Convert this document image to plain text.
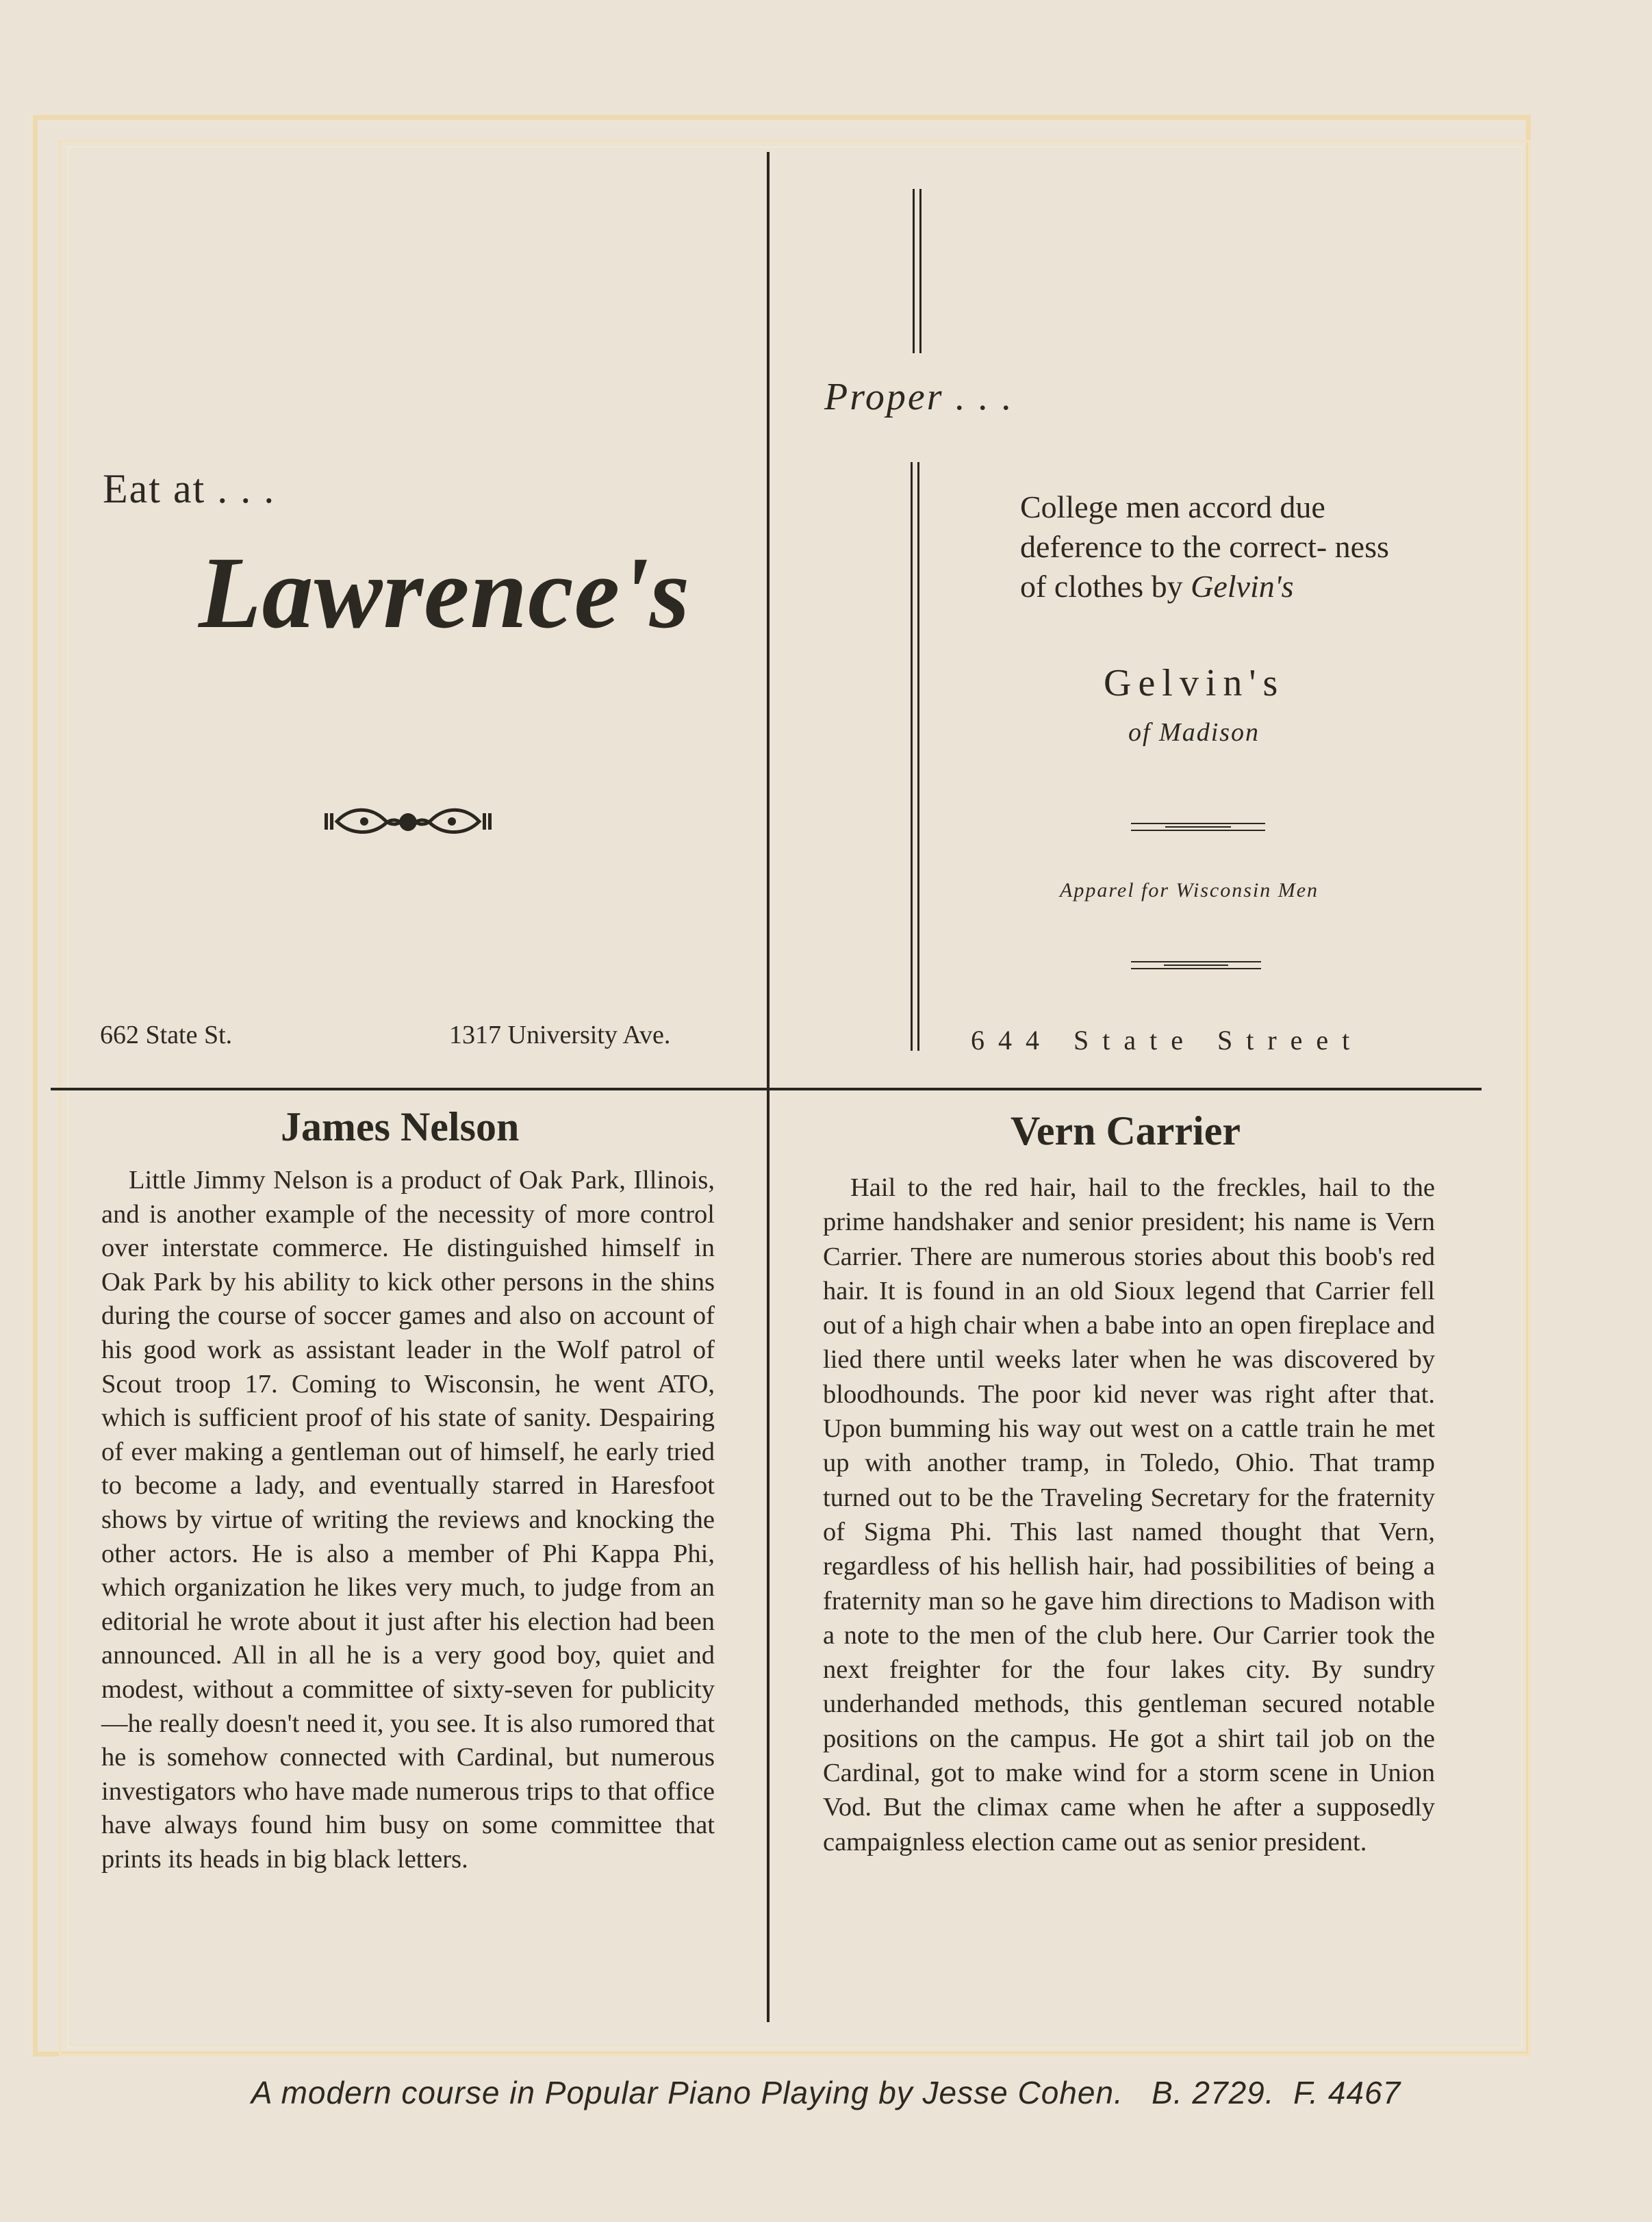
Eat at . . .
Lawrence's
662 State St.	1317 University Ave.
Proper . . .
College men accord due deference to the correct- ness of clothes by Gelvin's
Gelvin's
of Madison
Apparel for Wisconsin Men
644 State Street
James Nelson

Little Jimmy Nelson is a product of Oak Park, Illinois, and is another example of the necessity of more control over interstate commerce. He distinguished himself in Oak Park by his ability to kick other persons in the shins during the course of soccer games and also on account of his good work as assistant leader in the Wolf patrol of Scout troop 17. Coming to Wisconsin, he went ATO, which is sufficient proof of his state of sanity. Despairing of ever making a gentleman out of himself, he early tried to become a lady, and eventually starred in Haresfoot shows by virtue of writing the reviews and knocking the other actors. He is also a member of Phi Kappa Phi, which organization he likes very much, to judge from an editorial he wrote about it just after his election had been announced. All in all he is a very good boy, quiet and modest, without a committee of sixty-seven for publicity—he really doesn't need it, you see. It is also rumored that he is somehow connected with Cardinal, but numerous investigators who have made numerous trips to that office have always found him busy on some committee that prints its heads in big black letters.

Vern Carrier

Hail to the red hair, hail to the freckles, hail to the prime handshaker and senior president; his name is Vern Carrier. There are numerous stories about this boob's red hair. It is found in an old Sioux legend that Carrier fell out of a high chair when a babe into an open fireplace and lied there until weeks later when he was discovered by bloodhounds. The poor kid never was right after that. Upon bumming his way out west on a cattle train he met up with another tramp, in Toledo, Ohio. That tramp turned out to be the Traveling Secretary for the fraternity of Sigma Phi. This last named thought that Vern, regardless of his hellish hair, had possibilities of being a fraternity man so he gave him directions to Madison with a note to the men of the club here. Our Carrier took the next freighter for the four lakes city. By sundry underhanded methods, this gentleman secured notable positions on the campus. He got a shirt tail job on the Cardinal, got to make wind for a storm scene in Union Vod. But the climax came when he after a supposedly campaignless election came out as senior president.

A modern course in Popular Piano Playing by Jesse Cohen.   B. 2729.  F. 4467
